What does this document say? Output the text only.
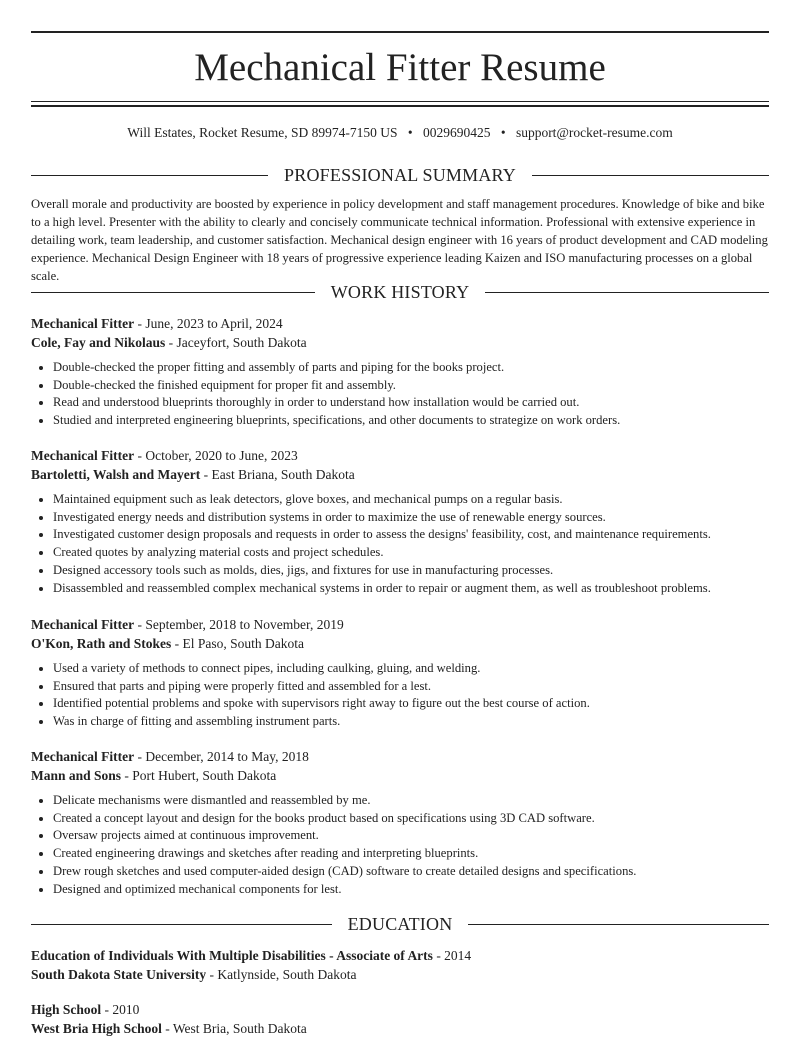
Mechanical Fitter Resume
Will Estates, Rocket Resume, SD 89974-7150 US • 0029690425 • support@rocket-resume.com
PROFESSIONAL SUMMARY

Overall morale and productivity are boosted by experience in policy development and staff management procedures. Knowledge of bike and bike to a high level. Presenter with the ability to clearly and concisely communicate technical information. Professional with extensive experience in detailing work, team leadership, and customer satisfaction. Mechanical design engineer with 16 years of product development and CAD modeling experience. Mechanical Design Engineer with 18 years of progressive experience leading Kaizen and ISO manufacturing processes on a global scale.

WORK HISTORY
Mechanical Fitter - June, 2023 to April, 2024
Cole, Fay and Nikolaus - Jaceyfort, South Dakota
• Double-checked the proper fitting and assembly of parts and piping for the books project.
• Double-checked the finished equipment for proper fit and assembly.
• Read and understood blueprints thoroughly in order to understand how installation would be carried out.
• Studied and interpreted engineering blueprints, specifications, and other documents to strategize on work orders.
Mechanical Fitter - October, 2020 to June, 2023
Bartoletti, Walsh and Mayert - East Briana, South Dakota
• Maintained equipment such as leak detectors, glove boxes, and mechanical pumps on a regular basis.
• Investigated energy needs and distribution systems in order to maximize the use of renewable energy sources.
• Investigated customer design proposals and requests in order to assess the designs' feasibility, cost, and maintenance requirements.
• Created quotes by analyzing material costs and project schedules.
• Designed accessory tools such as molds, dies, jigs, and fixtures for use in manufacturing processes.
• Disassembled and reassembled complex mechanical systems in order to repair or augment them, as well as troubleshoot problems.
Mechanical Fitter - September, 2018 to November, 2019
O'Kon, Rath and Stokes - El Paso, South Dakota
• Used a variety of methods to connect pipes, including caulking, gluing, and welding.
• Ensured that parts and piping were properly fitted and assembled for a lest.
• Identified potential problems and spoke with supervisors right away to figure out the best course of action.
• Was in charge of fitting and assembling instrument parts.
Mechanical Fitter - December, 2014 to May, 2018
Mann and Sons - Port Hubert, South Dakota
• Delicate mechanisms were dismantled and reassembled by me.
• Created a concept layout and design for the books product based on specifications using 3D CAD software.
• Oversaw projects aimed at continuous improvement.
• Created engineering drawings and sketches after reading and interpreting blueprints.
• Drew rough sketches and used computer-aided design (CAD) software to create detailed designs and specifications.
• Designed and optimized mechanical components for lest.
EDUCATION
Education of Individuals With Multiple Disabilities - Associate of Arts - 2014
South Dakota State University - Katlynside, South Dakota
High School - 2010
West Bria High School - West Bria, South Dakota
